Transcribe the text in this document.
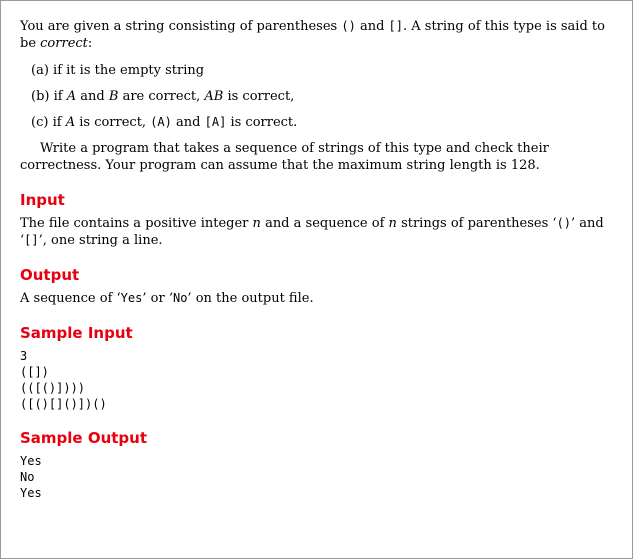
You are given a string consisting of parentheses () and []. A string of this type is said to be correct:

(a) if it is the empty string

(b) if A and B are correct, AB is correct,

(c) if A is correct, (A) and [A] is correct.

Write a program that takes a sequence of strings of this type and check their correctness. Your program can assume that the maximum string length is 128.

Input

The file contains a positive integer n and a sequence of n strings of parentheses ‘()’ and ‘[]’, one string a line.

Output

A sequence of ‘Yes’ or ‘No’ on the output file.

Sample Input
3
([])
(([()])))
([()[]()])()
Sample Output
Yes
No
Yes
